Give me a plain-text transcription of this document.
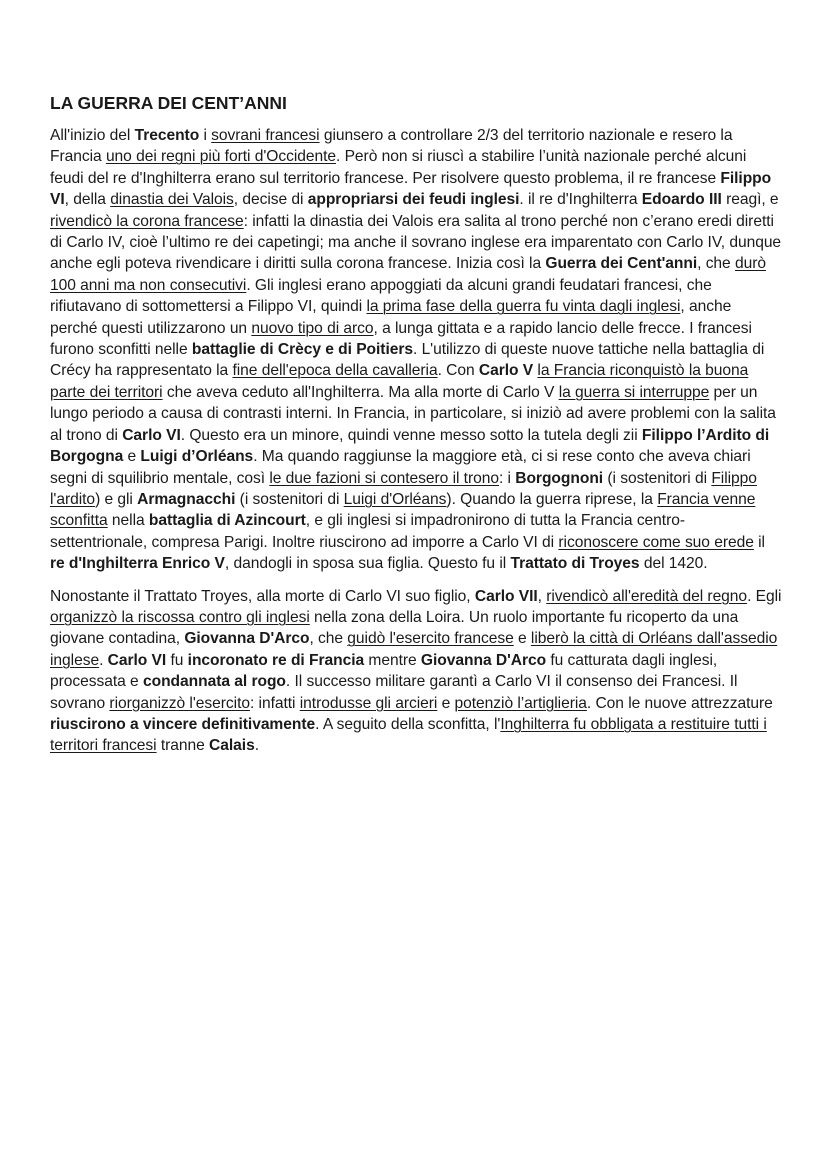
LA GUERRA DEI CENT’ANNI

All'inizio del Trecento i sovrani francesi giunsero a controllare 2/3 del territorio nazionale e resero la Francia uno dei regni più forti d'Occidente. Però non si riuscì a stabilire l’unità nazionale perché alcuni feudi del re d'Inghilterra erano sul territorio francese. Per risolvere questo problema, il re francese Filippo VI, della dinastia dei Valois, decise di appropriarsi dei feudi inglesi. il re d'Inghilterra Edoardo III reagì, e rivendicò la corona francese: infatti la dinastia dei Valois era salita al trono perché non c’erano eredi diretti di Carlo IV, cioè l’ultimo re dei capetingi; ma anche il sovrano inglese era imparentato con Carlo IV, dunque anche egli poteva rivendicare i diritti sulla corona francese. Inizia così la Guerra dei Cent'anni, che durò 100 anni ma non consecutivi. Gli inglesi erano appoggiati da alcuni grandi feudatari francesi, che rifiutavano di sottomettersi a Filippo VI, quindi la prima fase della guerra fu vinta dagli inglesi, anche perché questi utilizzarono un nuovo tipo di arco, a lunga gittata e a rapido lancio delle frecce. I francesi furono sconfitti nelle battaglie di Crècy e di Poitiers. L'utilizzo di queste nuove tattiche nella battaglia di Crécy ha rappresentato la fine dell'epoca della cavalleria. Con Carlo V la Francia riconquistò la buona parte dei territori che aveva ceduto all'Inghilterra. Ma alla morte di Carlo V la guerra si interruppe per un lungo periodo a causa di contrasti interni. In Francia, in particolare, si iniziò ad avere problemi con la salita al trono di Carlo VI. Questo era un minore, quindi venne messo sotto la tutela degli zii Filippo l’Ardito di Borgogna e Luigi d’Orléans. Ma quando raggiunse la maggiore età, ci si rese conto che aveva chiari segni di squilibrio mentale, così le due fazioni si contesero il trono: i Borgognoni (i sostenitori di Filippo l'ardito) e gli Armagnacchi (i sostenitori di Luigi d'Orléans). Quando la guerra riprese, la Francia venne sconfitta nella battaglia di Azincourt, e gli inglesi si impadronirono di tutta la Francia centro-settentrionale, compresa Parigi. Inoltre riuscirono ad imporre a Carlo VI di riconoscere come suo erede il re d'Inghilterra Enrico V, dandogli in sposa sua figlia. Questo fu il Trattato di Troyes del 1420.

Nonostante il Trattato Troyes, alla morte di Carlo VI suo figlio, Carlo VII, rivendicò all'eredità del regno. Egli organizzò la riscossa contro gli inglesi nella zona della Loira. Un ruolo importante fu ricoperto da una giovane contadina, Giovanna D'Arco, che guidò l'esercito francese e liberò la città di Orléans dall'assedio inglese. Carlo VI fu incoronato re di Francia mentre Giovanna D'Arco fu catturata dagli inglesi, processata e condannata al rogo. Il successo militare garantì a Carlo VI il consenso dei Francesi. Il sovrano riorganizzò l'esercito: infatti introdusse gli arcieri e potenziò l’artiglieria. Con le nuove attrezzature riuscirono a vincere definitivamente. A seguito della sconfitta, l'Inghilterra fu obbligata a restituire tutti i territori francesi tranne Calais.
